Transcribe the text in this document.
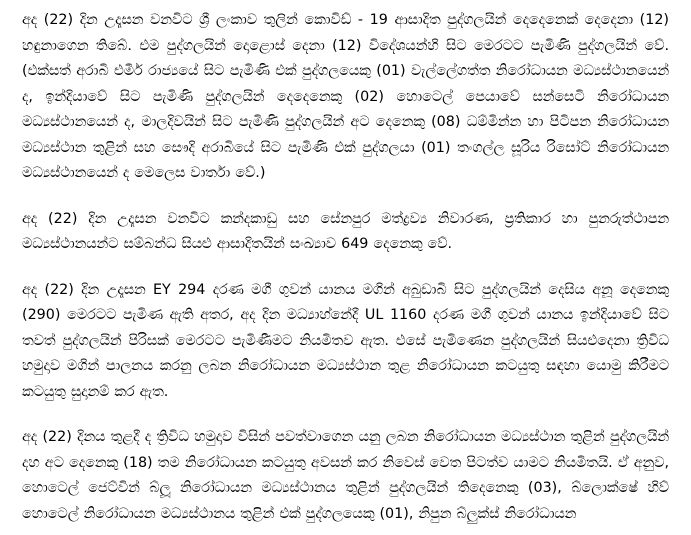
අද (22) දින උදෑසන වනවිට ශ්‍රී ලංකාව තුලින් කොවිඩ් - 19 ආසාදිත පුද්ගලයින් දෙදෙනෙක් දෙදෙනා (12) හඳුනාගෙන තිබේ. එම පුද්ගලයින් දොළොස් දෙනා (12) විදේශයන්හි සිට මෙරටට පැමිණි පුද්ගලයින් වේ. (එක්සත් අරාබි එමීර් රාජ්‍යයේ සිට පැමිණි එක් පුද්ගලයෙකු (01) වැල්ලේගත්ත නිරෝධායන මධ්‍යස්ථානයෙන් ද, ඉන්දියාවේ සිට පැමිණි පුද්ගලයින් දෙදෙනෙකු (02) හොටෙල් පෙයාවේ සන්සෙටි නිරෝධායන මධ්‍යස්ථානයෙන් ද, මාලදිවයින් සිට පැමිණි පුද්ගලයින් අට දෙනෙකු (08) ධම්මින්න හා පිටිපන නිරෝධායන මධ්‍යස්ථාන තුළින් සහ සෞදි අරාබියේ සිට පැමිණි එක් පුද්ගලයා (01) තංගල්ල සූරිය රිසෝට් නිරෝධායන මධ්‍යස්ථානයෙන් ද මෙලෙස වාර්තා වේ.)

අද (22) දින උදෑසන වනවිට කන්දකාඩු සහ සේනපුර මත්ද්‍රව්‍ය නිවාරණ, ප්‍රතිකාර හා පුනරුත්ථාපන මධ්‍යස්ථානයන්ට සම්බන්ධ සියළු ආසාදිතයින් සංඛ්‍යාව 649 දෙනෙකු වේ.

අද (22) දින උදෑසන EY 294 දරණ මගී ගුවන් යානය මගින් අබුඩාබි සිට පුද්ගලයින් දෙසිය අනූ දෙනෙකු (290) මෙරටට පැමිණ ඇති අතර, අද දින මධ්‍යාහ්නේදී UL 1160 දරණ මගී ගුවන් යානය ඉන්දියාවේ සිට තවත් පුද්ගලයින් පිරිසක් මෙරටට පැමිණීමට නියමිතව ඇත. එසේ පැමිණෙන පුද්ගලයින් සියළුදෙනා ත්‍රිවිධ හමුදාව මගින් පාලනය කරනු ලබන නිරෝධායන මධ්‍යස්ථාන තුළ නිරෝධායන කටයුතු සඳහා යොමු කිරීමට කටයුතු සුදානම් කර ඇත.

අද (22) දිනය තුළදී ද ත්‍රිවිධ හමුදාව විසින් පවත්වාගෙන යනු ලබන නිරෝධායන මධ්‍යස්ථාන තුළින් පුද්ගලයින් දහ අට දෙනෙකු (18) තම නිරෝධායන කටයුතු අවසන් කර නිවෙස් වෙත පිටත්ව යාමට නියමිතයි. ඒ අනුව, හොටෙල් ජෙට්වින් බ්ලූ නිරෝධායන මධ්‍යස්ථානය තුළින් පුද්ගලයින් තිදෙනෙකු (03), බ්ලොක්ෂේ හිව් හොටෙල් නිරෝධායන මධ්‍යස්ථානය තුළින් එක් පුද්ගලයෙකු (01), නිපුන බ්ලුක්ස් නිරෝධායන
